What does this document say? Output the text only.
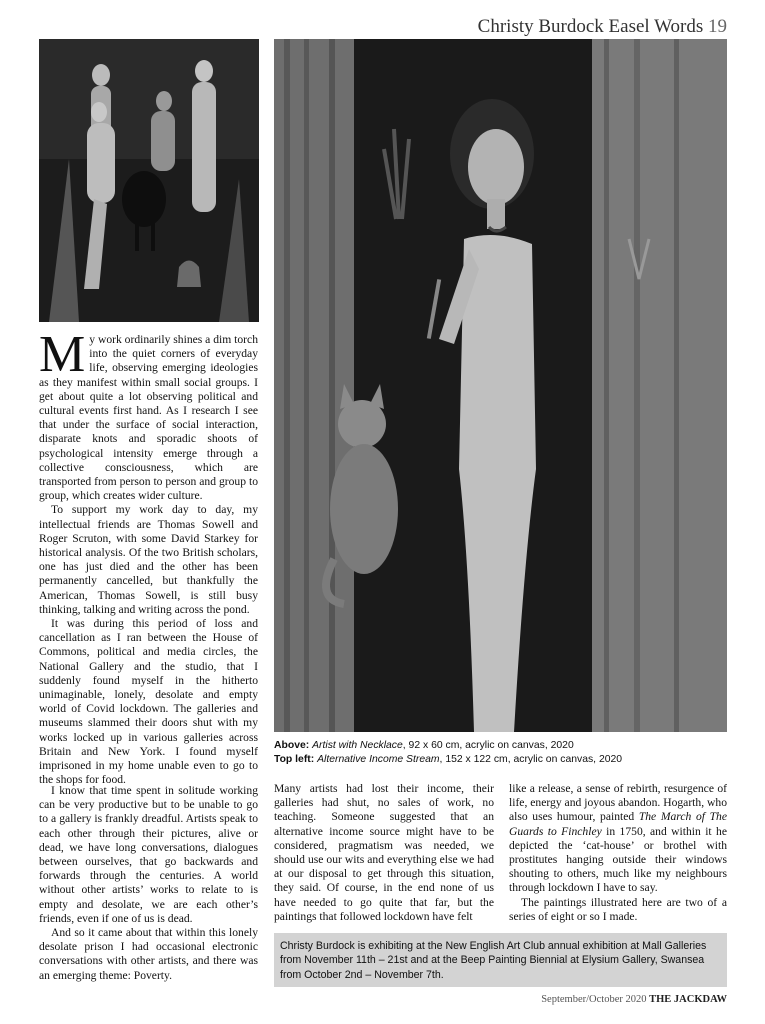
Christy Burdock Easel Words 19
Above: Artist with Necklace, 92 x 60 cm, acrylic on canvas, 2020
Top left: Alternative Income Stream, 152 x 122 cm, acrylic on canvas, 2020

My work ordinarily shines a dim torch into the quiet corners of everyday life, observing emerging ideologies as they manifest within small social groups. I get about quite a lot observing political and cultural events first hand. As I research I see that under the surface of social interaction, disparate knots and sporadic shoots of psychological intensity emerge through a collective consciousness, which are transported from person to person and group to group, which creates wider culture.

To support my work day to day, my intellectual friends are Thomas Sowell and Roger Scruton, with some David Starkey for historical analysis. Of the two British scholars, one has just died and the other has been permanently cancelled, but thankfully the American, Thomas Sowell, is still busy thinking, talking and writing across the pond.

It was during this period of loss and cancellation as I ran between the House of Commons, political and media circles, the National Gallery and the studio, that I suddenly found myself in the hitherto unimaginable, lonely, desolate and empty world of Covid lockdown. The galleries and museums slammed their doors shut with my works locked up in various galleries across Britain and New York. I found myself imprisoned in my home unable even to go to the shops for food.

I know that time spent in solitude working can be very productive but to be unable to go to a gallery is frankly dreadful. Artists speak to each other through their pictures, alive or dead, we have long conversations, dialogues between ourselves, that go backwards and forwards through the centuries. A world without other artists’ works to relate to is empty and desolate, we are each other’s friends, even if one of us is dead.

And so it came about that within this lonely desolate prison I had occasional electronic conversations with other artists, and there was an emerging theme: Poverty.

Many artists had lost their income, their galleries had shut, no sales of work, no teaching. Someone suggested that an alternative income source might have to be considered, pragmatism was needed, we should use our wits and everything else we had at our disposal to get through this situation, they said. Of course, in the end none of us have needed to go quite that far, but the paintings that followed lockdown have felt

like a release, a sense of rebirth, resurgence of life, energy and joyous abandon. Hogarth, who also uses humour, painted The March of The Guards to Finchley in 1750, and within it he depicted the ‘cat-house’ or brothel with prostitutes hanging outside their windows shouting to others, much like my neighbours through lockdown I have to say.

The paintings illustrated here are two of a series of eight or so I made.

Christy Burdock is exhibiting at the New English Art Club annual exhibition at Mall Galleries from November 11th – 21st and at the Beep Painting Biennial at Elysium Gallery, Swansea from October 2nd – November 7th.
September/October 2020 THE JACKDAW
